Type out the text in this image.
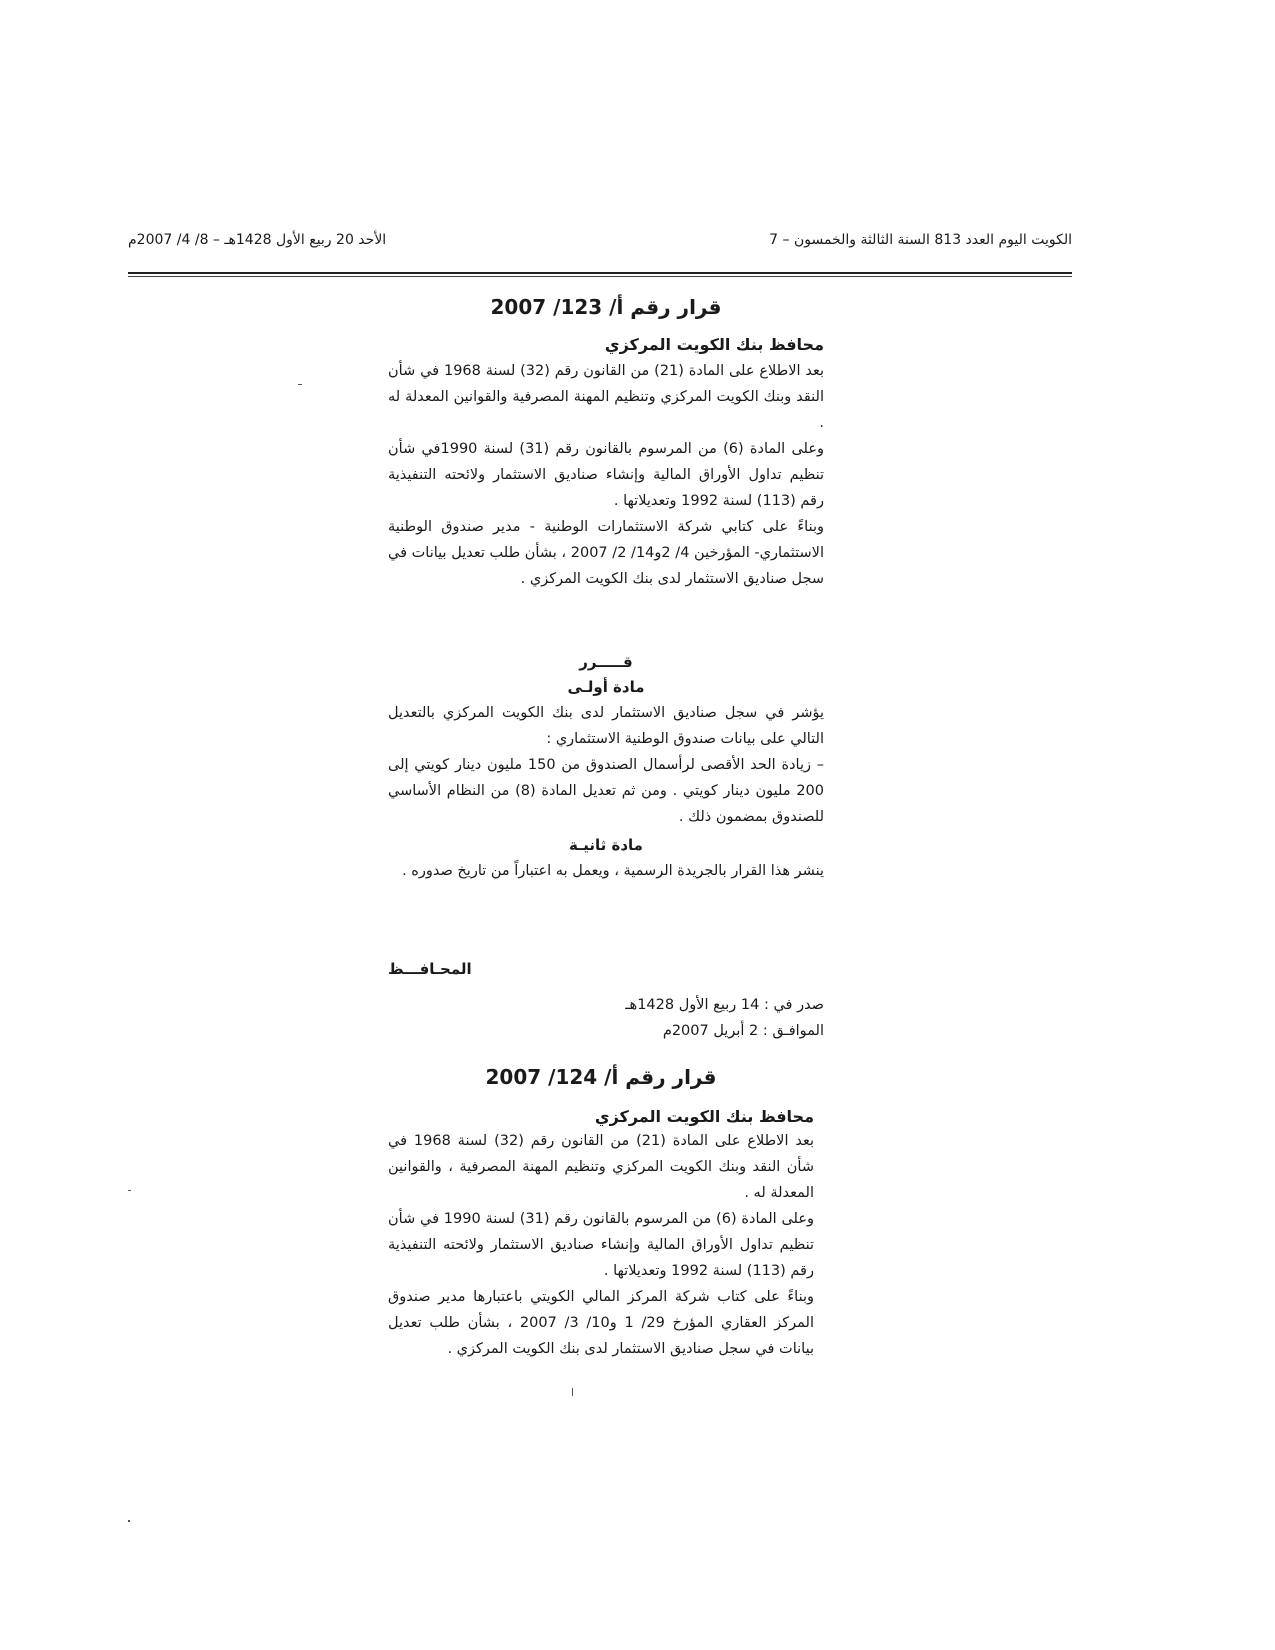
الكويت اليوم العدد 813 السنة الثالثة والخمسون – 7
الأحد 20 ربيع الأول 1428هـ – 8/ 4/ 2007م
قرار رقم أ/ 123/ 2007
محافظ بنك الكويت المركزي

بعد الاطلاع على المادة (21) من القانون رقم (32) لسنة 1968 في شأن النقد وبنك الكويت المركزي وتنظيم المهنة المصرفية والقوانين المعدلة له .

وعلى المادة (6) من المرسوم بالقانون رقم (31) لسنة 1990في شأن تنظيم تداول الأوراق المالية وإنشاء صناديق الاستثمار ولائحته التنفيذية رقم (113) لسنة 1992 وتعديلاتها .

وبناءً على كتابي شركة الاستثمارات الوطنية - مدير صندوق الوطنية الاستثماري- المؤرخين 4/ 2و14/ 2/ 2007 ، بشأن طلب تعديل بيانات في سجل صناديق الاستثمار لدى بنك الكويت المركزي .

قـــــرر
مادة أولـى

يؤشر في سجل صناديق الاستثمار لدى بنك الكويت المركزي بالتعديل التالي على بيانات صندوق الوطنية الاستثماري :

– زيادة الحد الأقصى لرأسمال الصندوق من 150 مليون دينار كويتي إلى 200 مليون دينار كويتي . ومن ثم تعديل المادة (8) من النظام الأساسي للصندوق بمضمون ذلك .

مادة ثانيـة

ينشر هذا القرار بالجريدة الرسمية ، ويعمل به اعتباراً من تاريخ صدوره .

المحـافـــظ

صدر في : 14 ربيع الأول 1428هـ

الموافـق : 2 أبريل 2007م

قرار رقم أ/ 124/ 2007
محافظ بنك الكويت المركزي

بعد الاطلاع على المادة (21) من القانون رقم (32) لسنة 1968 في شأن النقد وبنك الكويت المركزي وتنظيم المهنة المصرفية ، والقوانين المعدلة له .

وعلى المادة (6) من المرسوم بالقانون رقم (31) لسنة 1990 في شأن تنظيم تداول الأوراق المالية وإنشاء صناديق الاستثمار ولائحته التنفيذية رقم (113) لسنة 1992 وتعديلاتها .

وبناءً على كتاب شركة المركز المالي الكويتي باعتبارها مدير صندوق المركز العقاري المؤرخ 29/ 1 و10/ 3/ 2007 ، بشأن طلب تعديل بيانات في سجل صناديق الاستثمار لدى بنك الكويت المركزي .
